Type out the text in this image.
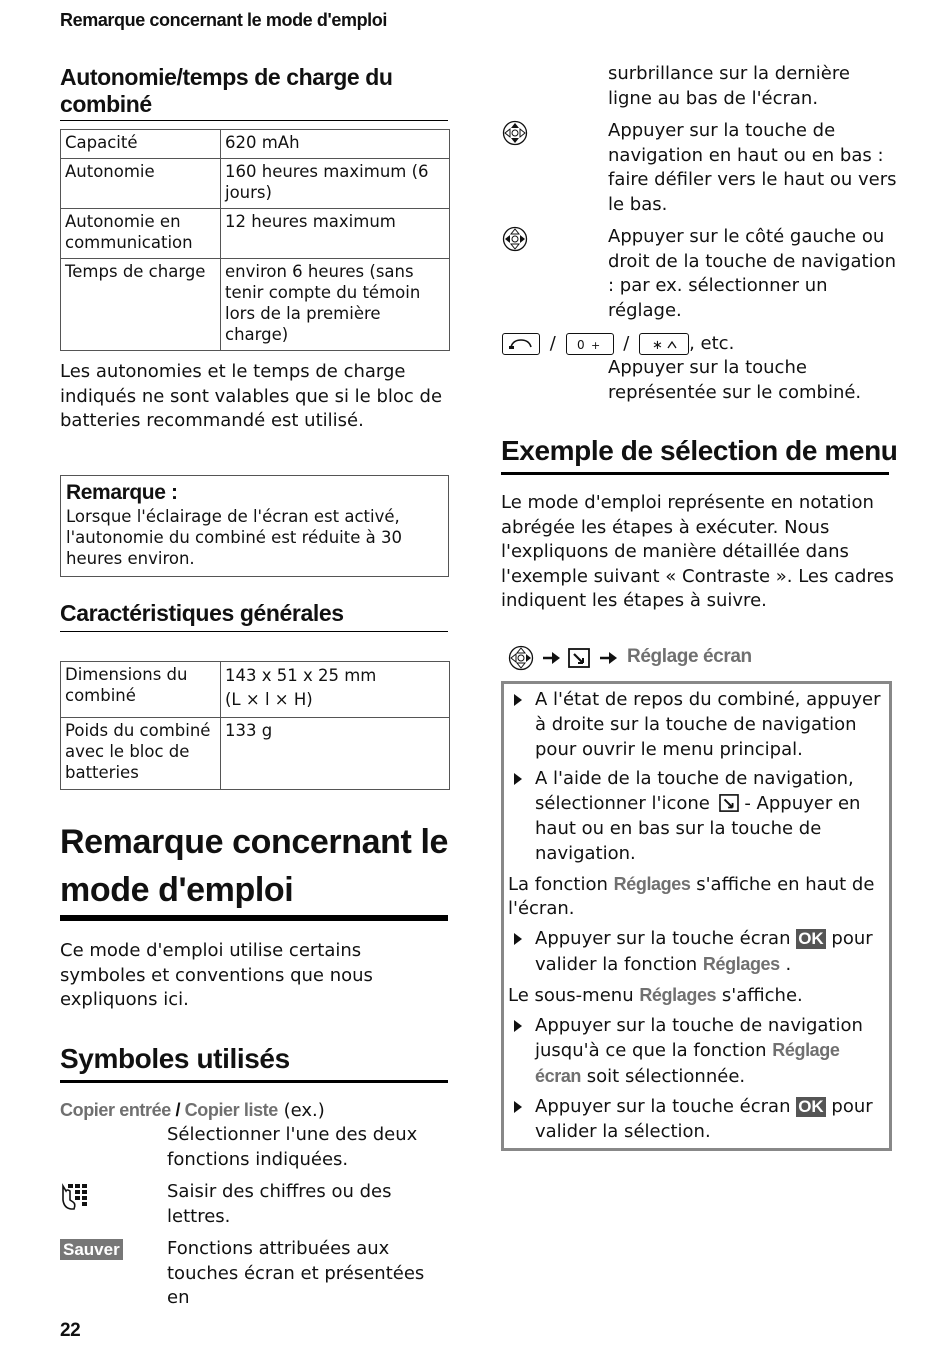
Remarque concernant le mode d'emploi
Autonomie/temps de charge du combiné
Capacité	620 mAh
Autonomie	160 heures maximum (6 jours)
Autonomie en communication	12 heures maximum
Temps de charge	environ 6 heures (sans tenir compte du témoin lors de la première charge)
Les autonomies et le temps de charge indiqués ne sont valables que si le bloc de batteries recommandé est utilisé.
Remarque :
Lorsque l'éclairage de l'écran est activé, l'autonomie du combiné est réduite à 30 heures environ.
Caractéristiques générales
Dimensions du combiné	143 x 51 x 25 mm
(L × l × H)

Poids du combiné avec le bloc de batteries	133 g
Remarque concernant le
mode d'emploi
Ce mode d'emploi utilise certains symboles et conventions que nous expliquons ici.
Symboles utilisés
Copier entrée / Copier liste (ex.)
Sélectionner l'une des deux fonctions indiquées.
Saisir des chiffres ou des lettres.
Sauver	Fonctions attribuées aux touches écran et présentées en
22
surbrillance sur la dernière ligne au bas de l'écran.
Appuyer sur la touche de navigation en haut ou en bas : faire défiler vers le haut ou vers le bas.
Appuyer sur le côté gauche ou droit de la touche de navigation : par ex. sélectionner un réglage.
/ 0 + / ∗ , etc.
Appuyer sur la touche représentée sur le combiné.
Exemple de sélection de menu
Le mode d'emploi représente en notation abrégée les étapes à exécuter. Nous l'expliquons de manière détaillée dans l'exemple suivant « Contraste ». Les cadres indiquent les étapes à suivre.
Réglage écran
A l'état de repos du combiné, appuyer à droite sur la touche de navigation pour ouvrir le menu principal.
A l'aide de la touche de navigation, sélectionner l'icone  - Appuyer en haut ou en bas sur la touche de navigation.
La fonction Réglages s'affiche en haut de l'écran.
Appuyer sur la touche écran OK pour valider la fonction Réglages .
Le sous-menu Réglages s'affiche.
Appuyer sur la touche de navigation jusqu'à ce que la fonction Réglage écran soit sélectionnée.
Appuyer sur la touche écran OK pour valider la sélection.
